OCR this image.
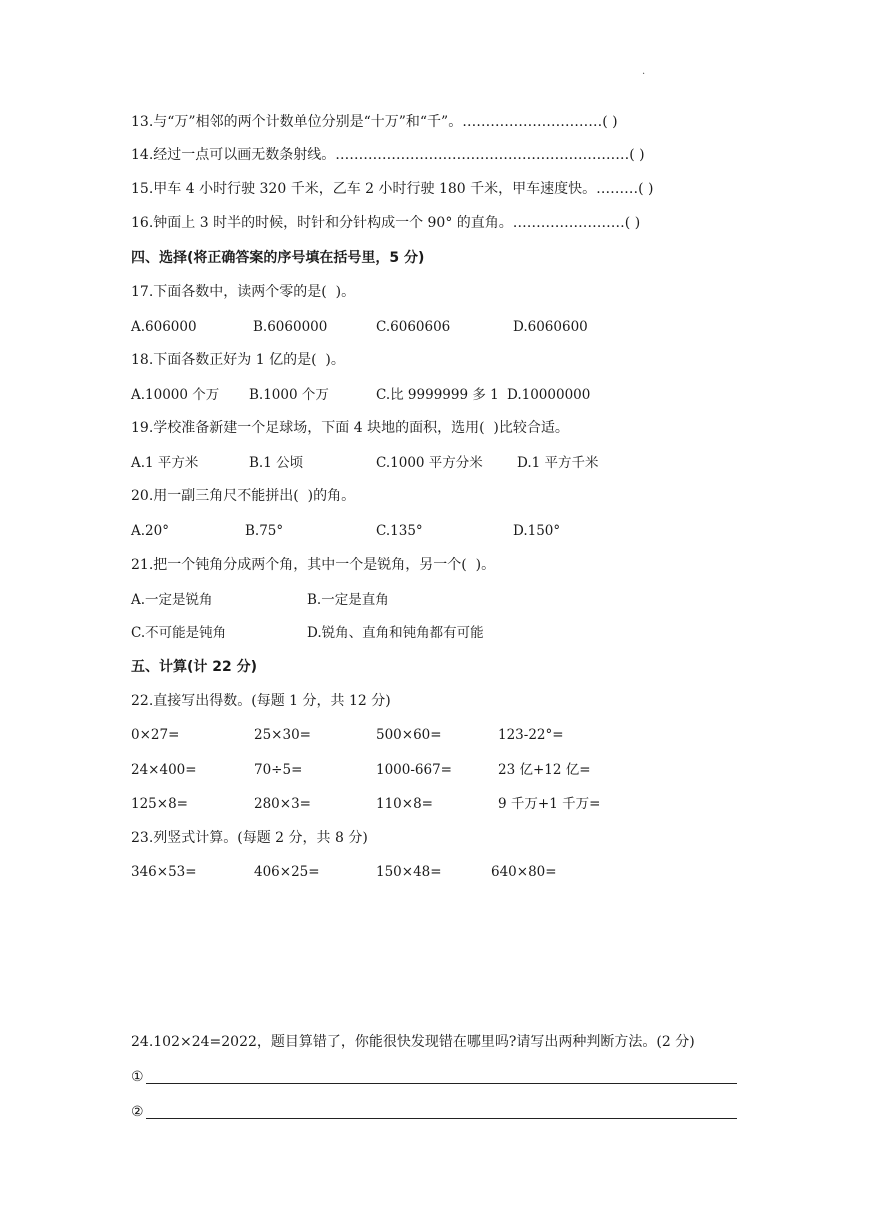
.
13.与“万”相邻的两个计数单位分别是“十万”和“千”。…………………………( )
14.经过一点可以画无数条射线。………………………………………………………( )
15.甲车 4 小时行驶 320 千米，乙车 2 小时行驶 180 千米，甲车速度快。………( )
16.钟面上 3 时半的时候，时针和分针构成一个 90° 的直角。……………………( )
四、选择(将正确答案的序号填在括号里，5 分)
17.下面各数中，读两个零的是(  )。
A.606000	B.6060000	C.6060606	D.6060600
18.下面各数正好为 1 亿的是(  )。
A.10000 个万 B.1000 个万	C.比 9999999 多 1 D.10000000
19.学校准备新建一个足球场，下面 4 块地的面积，选用(  )比较合适。
A.1 平方米	B.1 公顷	C.1000 平方分米	D.1 平方千米
20.用一副三角尺不能拼出(  )的角。
A.20°	B.75°	C.135°	D.150°
21.把一个钝角分成两个角，其中一个是锐角，另一个(  )。
A.一定是锐角	B.一定是直角
C.不可能是钝角	D.锐角、直角和钝角都有可能
五、计算(计 22 分)
22.直接写出得数。(每题 1 分，共 12 分)
0×27=	25×30=	500×60=	123-22°=
24×400=	70÷5=	1000-667=	23 亿+12 亿=
125×8=	280×3=	110×8=	9 千万+1 千万=
23.列竖式计算。(每题 2 分，共 8 分)
346×53=	406×25=	150×48=	640×80=
24.102×24=2022，题目算错了，你能很快发现错在哪里吗?请写出两种判断方法。(2 分)
①
②
